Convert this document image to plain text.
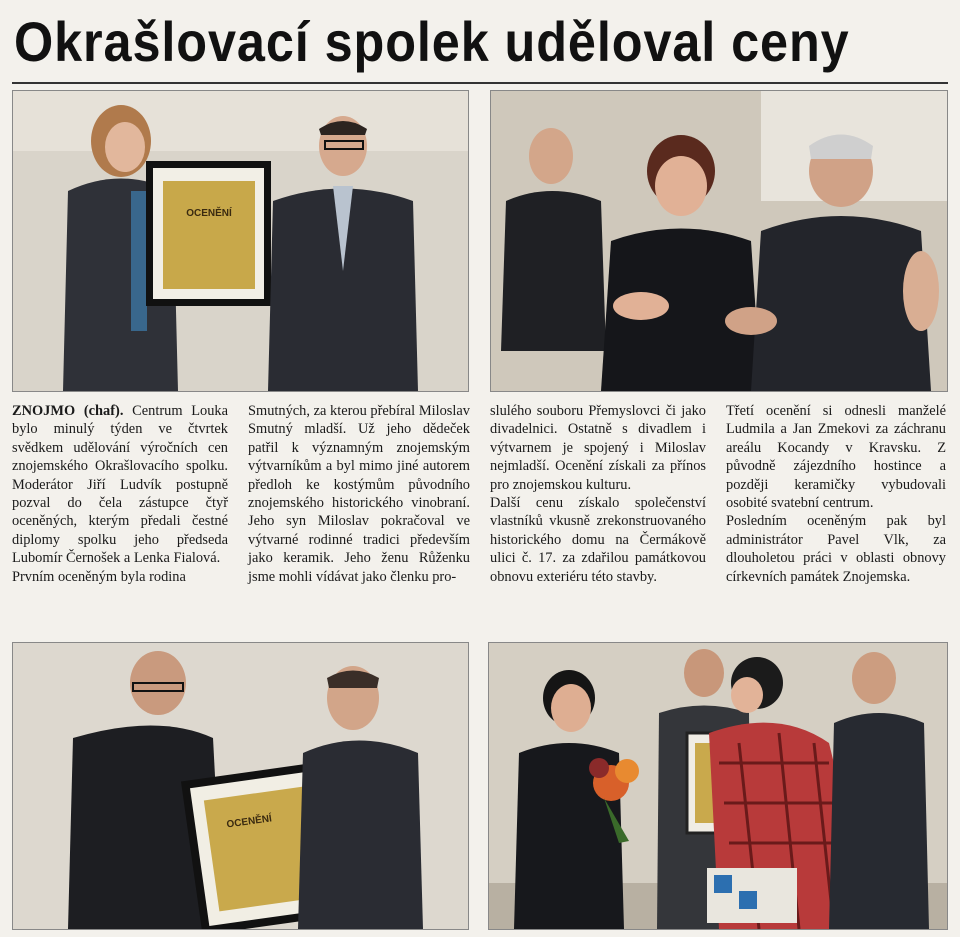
Okrašlovací spolek uděloval ceny
OCENĚNÍ

ZNOJMO (chaf). Centrum Louka bylo minulý týden ve čtvrtek svědkem udělování výročních cen znojemského Okrašlovacího spolku. Moderátor Jiří Ludvík postupně pozval do čela zástupce čtyř oceněných, kterým předali čestné diplomy spolku jeho předseda Lubomír Černošek a Lenka Fialová.

Prvním oceněným byla rodina

Smutných, za kterou přebíral Miloslav Smutný mladší. Už jeho dědeček patřil k významným znojemským výtvarníkům a byl mimo jiné autorem předloh ke kostýmům původního znojemského historického vinobraní. Jeho syn Miloslav pokračoval ve výtvarné rodinné tradici především jako keramik. Jeho ženu Růženku jsme mohli vídávat jako členku pro-

slulého souboru Přemyslovci či jako divadelnici. Ostatně s divadlem i výtvarnem je spojený i Miloslav nejmladší. Ocenění získali za přínos pro znojemskou kulturu.

Další cenu získalo společenství vlastníků vkusně zrekonstruovaného historického domu na Čermákově ulici č. 17. za zdařilou památkovou obnovu exteriéru této stavby.

Třetí ocenění si odnesli manželé Ludmila a Jan Zmekovi za záchranu areálu Kocandy v Kravsku. Z původně zájezdního hostince a později keramičky vybudovali osobité svatební centrum.

Posledním oceněným pak byl administrátor Pavel Vlk, za dlouholetou práci v oblasti obnovy církevních památek Znojemska.

OCENĚNÍ
